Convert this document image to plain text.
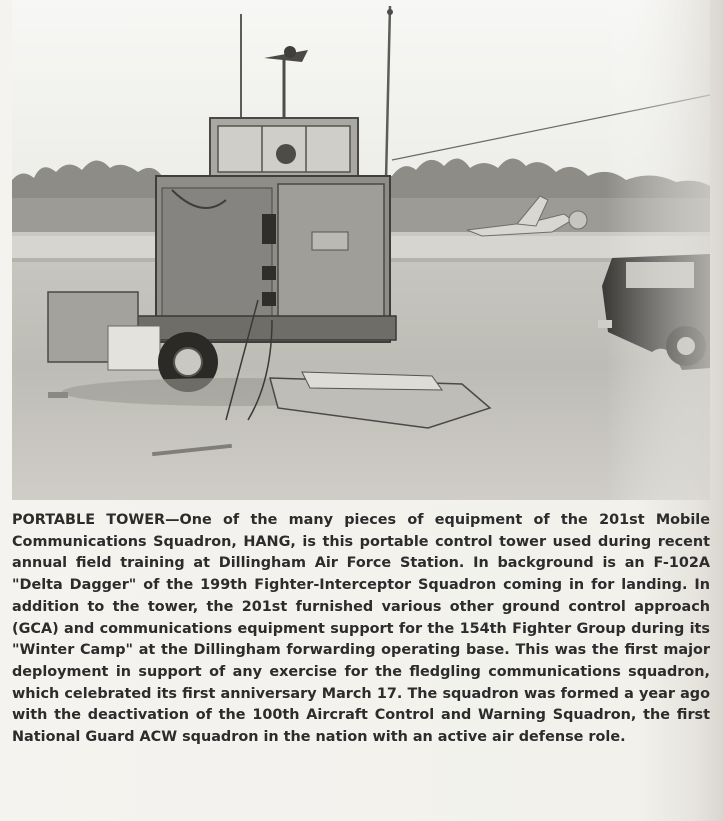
PORTABLE TOWER—One of the many pieces of equipment of the 201st Mobile Communications Squadron, HANG, is this portable control tower used during recent annual field training at Dillingham Air Force Station. In background is an F-102A "Delta Dagger" of the 199th Fighter-Interceptor Squadron coming in for landing. In addition to the tower, the 201st furnished various other ground control approach (GCA) and communications equipment support for the 154th Fighter Group during its "Winter Camp" at the Dillingham forwarding operating base. This was the first major deployment in support of any exercise for the fledgling communications squadron, which celebrated its first anniversary March 17. The squadron was formed a year ago with the deactivation of the 100th Aircraft Control and Warning Squadron, the first National Guard ACW squadron in the nation with an active air defense role.
